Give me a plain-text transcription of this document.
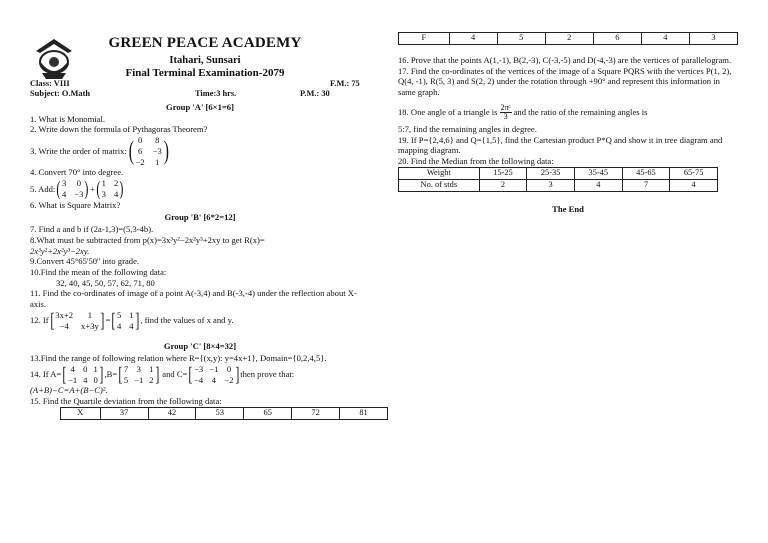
GREEN PEACE ACADEMY
Itahari, Sunsari
Final Terminal Examination-2079
Class: VIII	F.M.: 75
Subject: O.Math	Time:3 hrs.	P.M.: 30
Group 'A' [6×1=6]

1. What is Monomial.

2. Write down the formula of Pythagoras Theorem?

3. Write the order of matrix: ( 0 8
6 −3
−2 1 )

4. Convert 70° into degree.

5. Add: ( 3 0
4 −3 ) + ( 1 2
3 4 )

6. What is Square Matrix?

Group 'B' [6*2=12]

7. Find a and b if (2a-1,3)=(5,3-4b).

8.What must be subtracted from p(x)=3x³y²−2x²y³+2xy to get R(x)=
2x³y²+2x²y³−2xy.

9.Convert 45°65'50'' into grade.

10.Find the mean of the following data:

32, 40, 45, 50, 57, 62, 71, 80

11. Find the co-ordinates of image of a point A(-3,4) and B(-3,-4) under the reflection about X-axis.

12. If [ 3x+2	1
−4	x+3y ] = [ 5 1
4 4 ] , find the values of x and y.

Group 'C' [8×4=32]

13.Find the range of following relation where R={(x,y): y=4x+1}, Domain={0,2,4,5}.

14. If A= [ 4 0 1
−1 4 0 ] ,B= [ 7 3 1
5 −1 2 ] and C= [ −3 −1 0
−4 4 −2 ] then prove that:

(A+B)−C=A+(B−C)².

15. Find the Quartile deviation from the following data:

X	37	42	53	65	72	81
F	4	5	2	6	4	3

16. Prove that the points A(1,-1), B(2,-3), C(-3,-5) and D(-4,-3) are the vertices of parallelogram.

17. Find the co-ordinates of the vertices of the image of a Square PQRS with the vertices P(1, 2), Q(4, -1), R(5, 3) and S(2, 2) under the rotation through +90° and represent this information in same graph.

18. One angle of a triangle is $\frac{\text{2πᶜ}}{3}$ and the ratio of the remaining angles is

5:7, find the remaining angles in degree.

19. If P={2,4,6} and Q={1,5}, find the Cartesian product P*Q and show it in tree diagram and mapping diagram.

20. Find the Median from the following data:

Weight	15-25	25-35	35-45	45-65	65-75
No. of stds	2	3	4	7	4
The End
